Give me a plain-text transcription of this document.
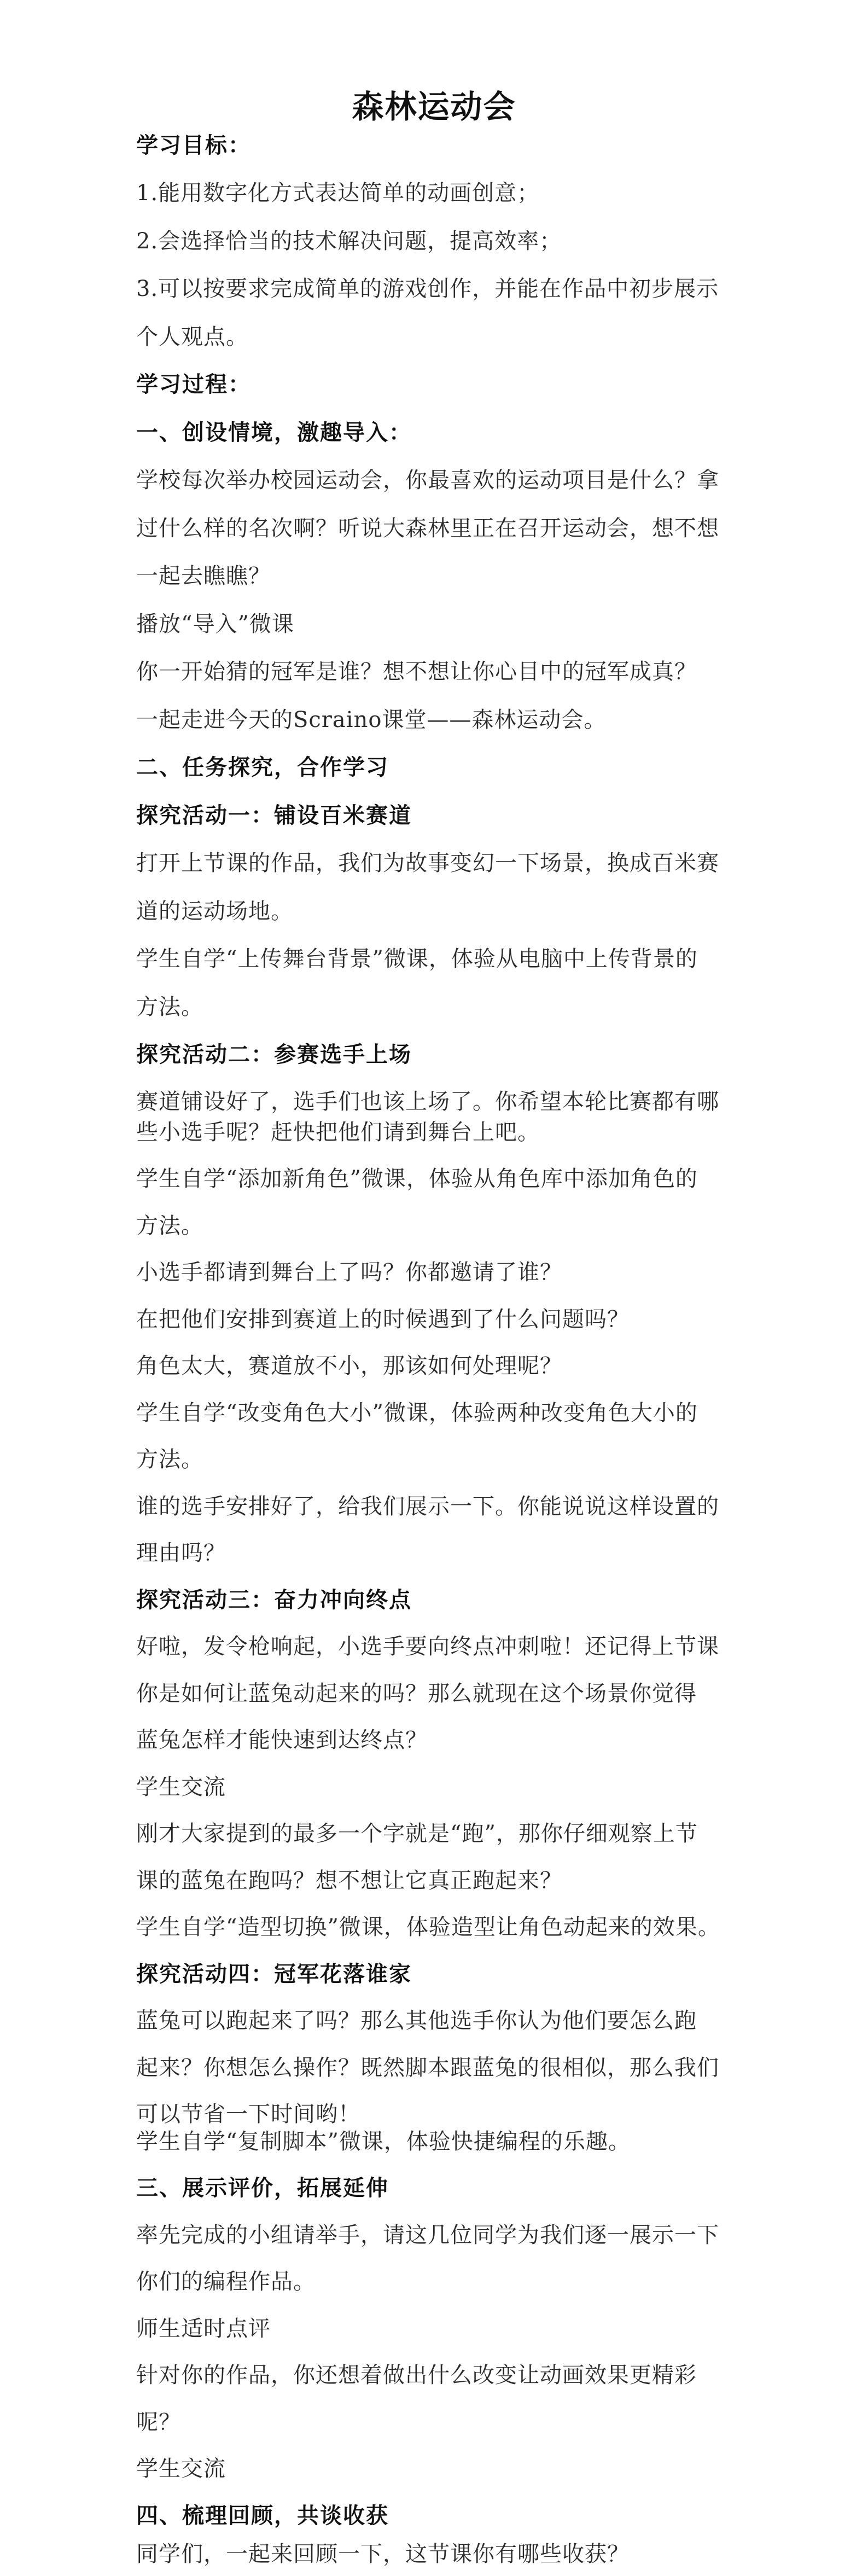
森林运动会
学习目标：
1.能用数字化方式表达简单的动画创意；
2.会选择恰当的技术解决问题，提高效率；
3.可以按要求完成简单的游戏创作，并能在作品中初步展示
个人观点。
学习过程：
一、创设情境，激趣导入：
学校每次举办校园运动会，你最喜欢的运动项目是什么？拿
过什么样的名次啊？听说大森林里正在召开运动会，想不想
一起去瞧瞧？
播放“导入”微课
你一开始猜的冠军是谁？想不想让你心目中的冠军成真？
一起走进今天的Scraino课堂——森林运动会。
二、任务探究，合作学习
探究活动一：铺设百米赛道
打开上节课的作品，我们为故事变幻一下场景，换成百米赛
道的运动场地。
学生自学“上传舞台背景”微课，体验从电脑中上传背景的
方法。
探究活动二：参赛选手上场
赛道铺设好了，选手们也该上场了。你希望本轮比赛都有哪
些小选手呢？赶快把他们请到舞台上吧。
学生自学“添加新角色”微课，体验从角色库中添加角色的
方法。
小选手都请到舞台上了吗？你都邀请了谁？
在把他们安排到赛道上的时候遇到了什么问题吗？
角色太大，赛道放不小，那该如何处理呢？
学生自学“改变角色大小”微课，体验两种改变角色大小的
方法。
谁的选手安排好了，给我们展示一下。你能说说这样设置的
理由吗？
探究活动三：奋力冲向终点
好啦，发令枪响起，小选手要向终点冲刺啦！还记得上节课
你是如何让蓝兔动起来的吗？那么就现在这个场景你觉得
蓝兔怎样才能快速到达终点？
学生交流
刚才大家提到的最多一个字就是“跑”，那你仔细观察上节
课的蓝兔在跑吗？想不想让它真正跑起来？
学生自学“造型切换”微课，体验造型让角色动起来的效果。
探究活动四：冠军花落谁家
蓝兔可以跑起来了吗？那么其他选手你认为他们要怎么跑
起来？你想怎么操作？既然脚本跟蓝兔的很相似，那么我们
可以节省一下时间哟！
学生自学“复制脚本”微课，体验快捷编程的乐趣。
三、展示评价，拓展延伸
率先完成的小组请举手，请这几位同学为我们逐一展示一下
你们的编程作品。
师生适时点评
针对你的作品，你还想着做出什么改变让动画效果更精彩
呢？
学生交流
四、梳理回顾，共谈收获
同学们，一起来回顾一下，这节课你有哪些收获？
